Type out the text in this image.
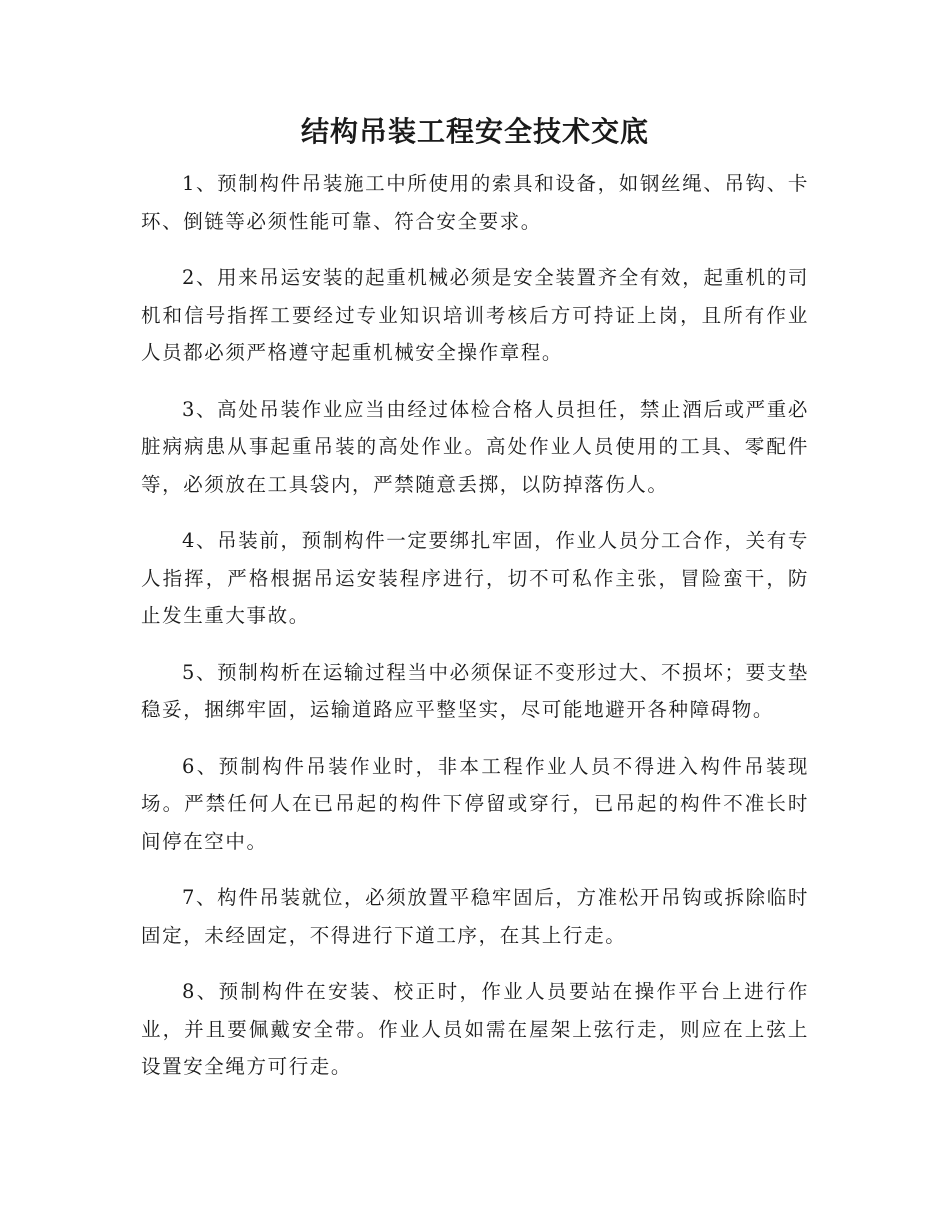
结构吊装工程安全技术交底

1、预制构件吊装施工中所使用的索具和设备，如钢丝绳、吊钩、卡环、倒链等必须性能可靠、符合安全要求。

2、用来吊运安装的起重机械必须是安全装置齐全有效，起重机的司机和信号指挥工要经过专业知识培训考核后方可持证上岗，且所有作业人员都必须严格遵守起重机械安全操作章程。

3、高处吊装作业应当由经过体检合格人员担任，禁止酒后或严重必脏病病患从事起重吊装的高处作业。高处作业人员使用的工具、零配件等，必须放在工具袋内，严禁随意丢掷，以防掉落伤人。

4、吊装前，预制构件一定要绑扎牢固，作业人员分工合作，关有专人指挥，严格根据吊运安装程序进行，切不可私作主张，冒险蛮干，防止发生重大事故。

5、预制构析在运输过程当中必须保证不变形过大、不损坏；要支垫稳妥，捆绑牢固，运输道路应平整坚实，尽可能地避开各种障碍物。

6、预制构件吊装作业时，非本工程作业人员不得进入构件吊装现场。严禁任何人在已吊起的构件下停留或穿行，已吊起的构件不准长时间停在空中。

7、构件吊装就位，必须放置平稳牢固后，方准松开吊钩或拆除临时固定，未经固定，不得进行下道工序，在其上行走。

8、预制构件在安装、校正时，作业人员要站在操作平台上进行作业，并且要佩戴安全带。作业人员如需在屋架上弦行走，则应在上弦上设置安全绳方可行走。
